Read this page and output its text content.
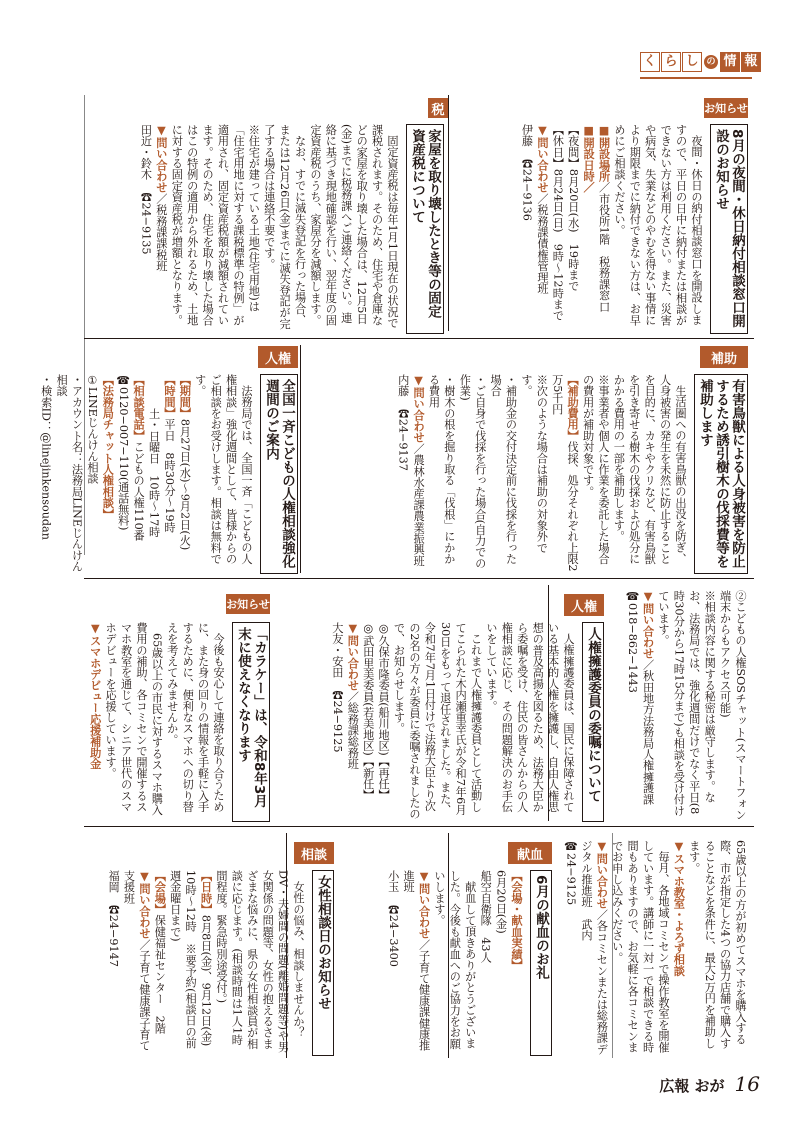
く ら し の 情 報
お知らせ
8月の夜間・休日納付相談窓口開設のお知らせ

夜間・休日の納付相談窓口を開設しますので、平日の日中に納付または相談ができない方は利用ください。また、災害や病気、失業などのやむを得ない事情により期限までに納付できない方は、お早めにご相談ください。

■開設場所／市役所1階　税務課窓口

■開設日時／

【夜間】8月20日(水)　19時まで

【休日】8月24日(日)　9時～12時まで

▼問い合わせ／税務課債権管理班

伊藤　☎24−9136

税
家屋を取り壊したとき等の固定資産税について

固定資産税は毎年1月1日現在の状況で課税されます。そのため、住宅や倉庫などの家屋を取り壊した場合は、12月5日(金)までに税務課へご連絡ください。連絡に基づき現地確認を行い、翌年度の固定資産税のうち、家屋分を減額します。

なお、すでに滅失登記を行った場合、または12月26日(金)までに滅失登記が完了する場合は連絡不要です。

※住宅が建っている土地(住宅用地)は「住宅用地に対する課税標準の特例」が適用され、固定資産税額が減額されています。そのため、住宅を取り壊した場合はこの特例の適用から外れるため、土地に対する固定資産税が増額となります。

▼問い合わせ／税務課課税班

田近・鈴木　☎24−9135

補助
有害鳥獣による人身被害を防止するため誘引樹木の伐採費等を補助します

生活圏への有害鳥獣の出没を防ぎ、人身被害の発生を未然に防止することを目的に、カキやクリなど、有害鳥獣を引き寄せる樹木の伐採および処分にかかる費用の一部を補助します。

※事業者や個人に作業を委託した場合の費用が補助対象です。

【補助費用】伐採、処分それぞれ上限2万5千円

※次のような場合は補助の対象外です。

・補助金の交付決定前に伐採を行った場合

・ご自身で伐採を行った場合(自力での作業)

・樹木の根を掘り取る「伐根」にかかる費用

▼問い合わせ／農林水産課農業振興班

内藤　☎24−9137

人権
全国一斉こどもの人権相談強化週間のご案内

法務局では、全国一斉「こどもの人権相談」強化週間として、皆様からのご相談をお受けします。相談は無料です。

【期間】8月27日(水)～9月2日(火)

【時間】平日　8時30分～19時

土・日曜日　10時～17時

【相談電話】こどもの人権110番

☎0120−007−110(通話無料)

【法務局チャット人権相談】

①LINEじんけん相談

・アカウント名：法務局LINEじんけん相談

・検索ID：@linejinkensoudan

②こどもの人権SOSチャット(スマートフォン端末からもアクセス可能)

※相談内容に関する秘密は厳守します。なお、法務局では、強化週間だけでなく平日(8時30分から17時15分まで)も相談を受け付けています。

▼問い合わせ／秋田地方法務局人権擁護課

☎018−862−1443

人権
人権擁護委員の委嘱について

人権擁護委員は、国民に保障されている基本的人権を擁護し、自由人権思想の普及高揚を図るため、法務大臣から委嘱を受け、住民の皆さんからの人権相談に応じ、その問題解決のお手伝いをしています。

これまで人権擁護委員として活動してこられた木内瀬重幸氏が令和7年6月30日をもって退任されました。また、令和7年7月1日付けで法務大臣より次の2名の方々が委員に委嘱されましたので、お知らせします。

◎久保市隆委員(船川地区)【再任】

◎武田里美委員(若美地区)【新任】

▼問い合わせ／総務課総務班

大友・安田　☎24−9125

お知らせ
「カラケー」は、令和8年3月末に使えなくなります

今後も安心して連絡を取り合うために、また身の回りの情報を手軽に入手するために、便利なスマホへの切り替えを考えてみませんか。

65歳以上の市民に対するスマホ購入費用の補助、各コミセンで開催するスマホ教室を通じて、シニア世代のスマホデビューを応援しています。

▼スマホデビュー応援補助金

65歳以上の方が初めてスマホを購入する際、市が指定した4つの協力店舗で購入することなどを条件に、最大2万円を補助します。

▼スマホ教室・よろず相談

毎月、各地域コミセンで操作教室を開催しています。講師に一対一で相談できる時間もありますので、お気軽に各コミセンまでお申し込みください。

▼問い合わせ／各コミセンまたは総務課デジタル推進班　武内

☎24−9125

献血
6月の献血のお礼

【会場・献血実績】

6月20日(金)

船空自衛隊　43人

献血して頂きありがとうございました。今後も献血へのご協力をお願いします。

▼問い合わせ／子育て健康課健康推進班

小玉　☎24−3400

相談
女性相談日のお知らせ

女性の悩み、相談しませんか？DV・夫婦間の問題(離婚問題等)や男女関係の問題等、女性の抱えるさまざまな悩みに、県の女性相談員が相談に応じます。(相談時間は1人1時間程度。緊急時別途受付。)

【日時】8月8日(金)、9月12日(金)　10時～12時　※要予約(相談日の前週金曜日まで)

【会場】保健福祉センター　2階

▼問い合わせ／子育て健康課子育て支援班

福岡　☎24−9147

広報 おが 16
